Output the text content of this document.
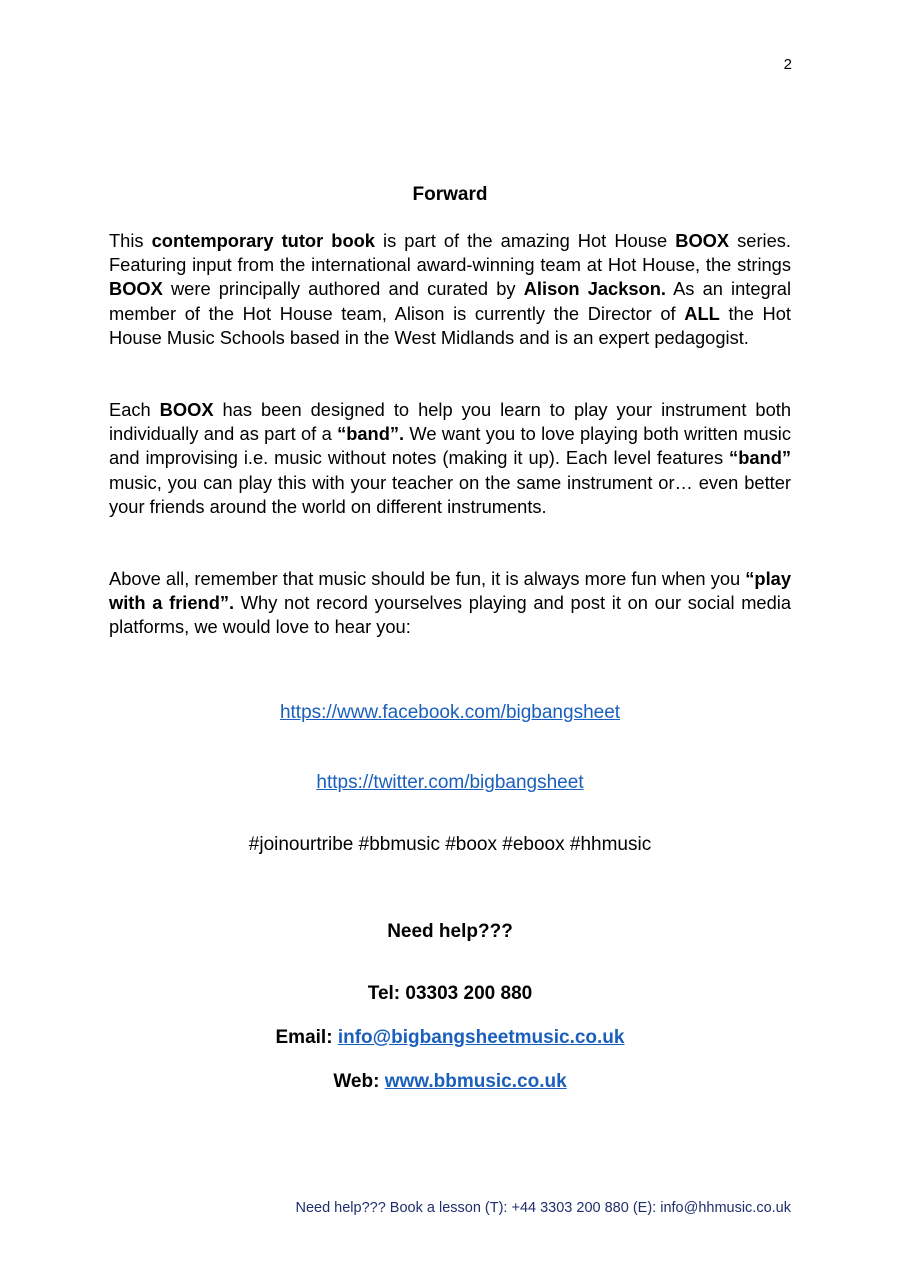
2
Forward

This contemporary tutor book is part of the amazing Hot House BOOX series. Featuring input from the international award-winning team at Hot House, the strings BOOX were principally authored and curated by Alison Jackson. As an integral member of the Hot House team, Alison is currently the Director of ALL the Hot House Music Schools based in the West Midlands and is an expert pedagogist.

Each BOOX has been designed to help you learn to play your instrument both individually and as part of a “band”. We want you to love playing both written music and improvising i.e. music without notes (making it up). Each level features “band” music, you can play this with your teacher on the same instrument or… even better your friends around the world on different instruments.

Above all, remember that music should be fun, it is always more fun when you “play with a friend”. Why not record yourselves playing and post it on our social media platforms, we would love to hear you:

https://www.facebook.com/bigbangsheet
https://twitter.com/bigbangsheet
#joinourtribe #bbmusic #boox #eboox #hhmusic
Need help???
Tel: 03303 200 880
Email: info@bigbangsheetmusic.co.uk
Web: www.bbmusic.co.uk
Need help??? Book a lesson (T): +44 3303 200 880 (E): info@hhmusic.co.uk
